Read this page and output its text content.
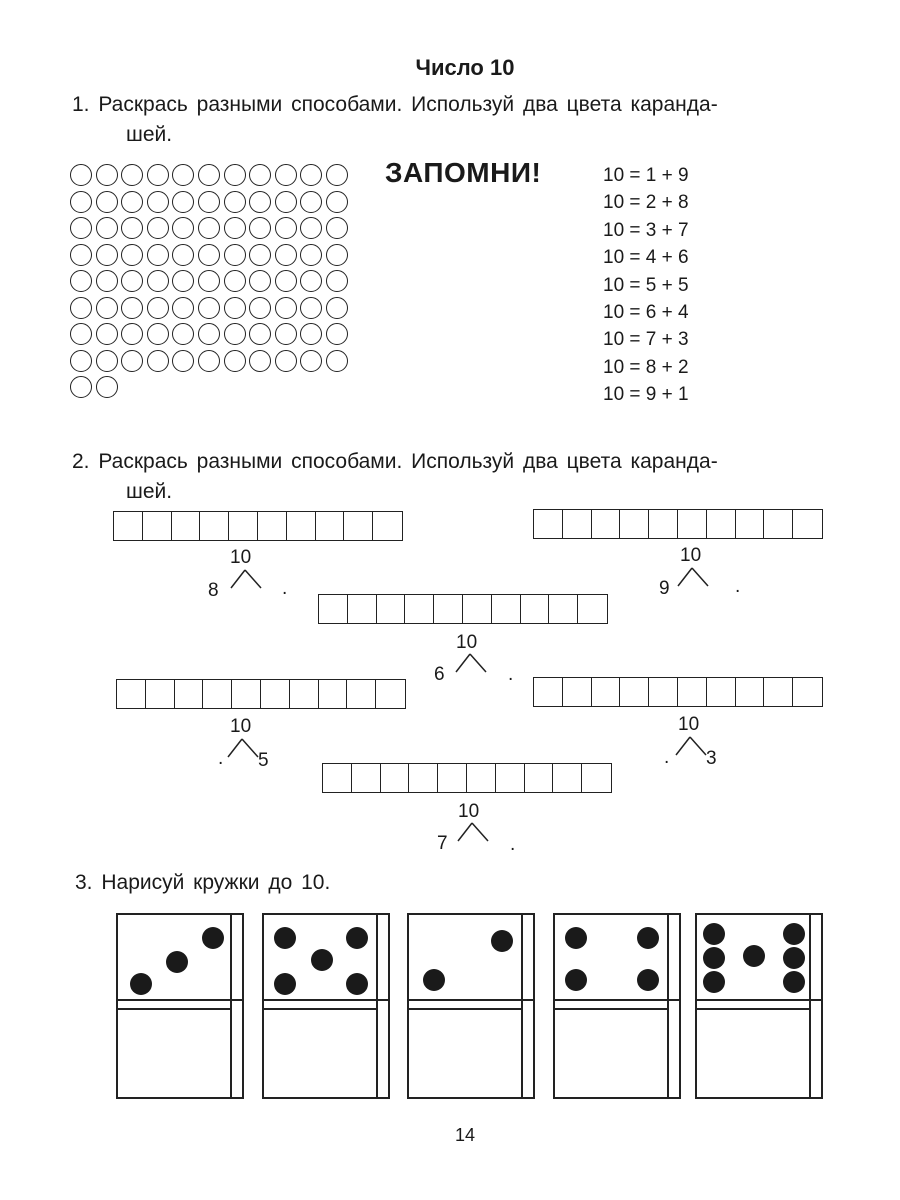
Число 10
1. Раскрась разными способами. Используй два цвета каранда-
шей.
ЗАПОМНИ!	10 = 1 + 9
10 = 2 + 8
10 = 3 + 7
10 = 4 + 6
10 = 5 + 5
10 = 6 + 4
10 = 7 + 3
10 = 8 + 2
10 = 9 + 1
2. Раскрась разными способами. Используй два цвета каранда-
шей.
10
8	.
10
9	.
10
6	.
10
. 5
10
. 3
10
7	.
3. Нарисуй кружки до 10.
14
